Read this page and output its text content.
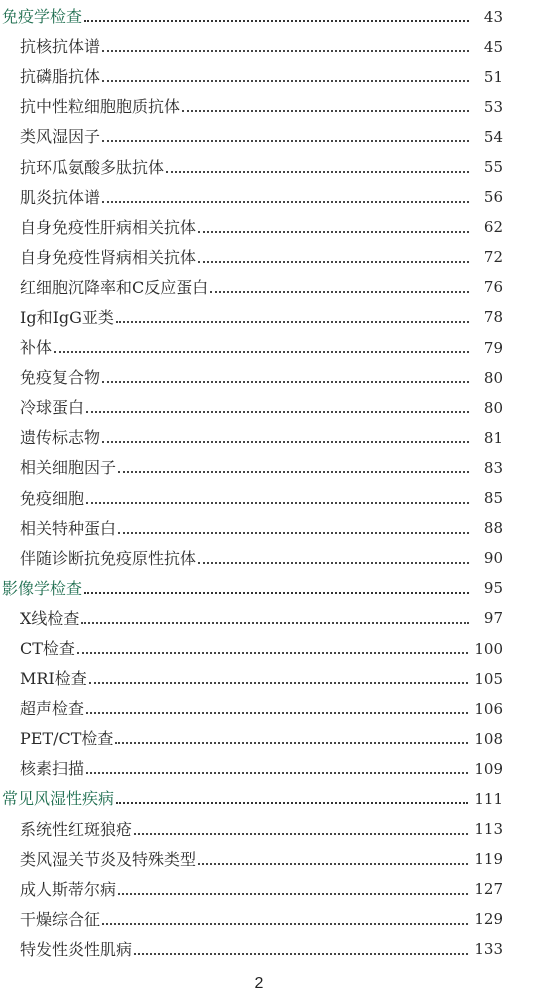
免疫学检查	43
抗核抗体谱	45
抗磷脂抗体	51
抗中性粒细胞胞质抗体	53
类风湿因子	54
抗环瓜氨酸多肽抗体	55
肌炎抗体谱	56
自身免疫性肝病相关抗体	62
自身免疫性肾病相关抗体	72
红细胞沉降率和C反应蛋白	76
Ig和IgG亚类	78
补体	79
免疫复合物	80
冷球蛋白	80
遗传标志物	81
相关细胞因子	83
免疫细胞	85
相关特种蛋白	88
伴随诊断抗免疫原性抗体	90
影像学检查	95
X线检查	97
CT检查	100
MRI检查	105
超声检查	106
PET/CT检查	108
核素扫描	109
常见风湿性疾病	111
系统性红斑狼疮	113
类风湿关节炎及特殊类型	119
成人斯蒂尔病	127
干燥综合征	129
特发性炎性肌病	133
2
